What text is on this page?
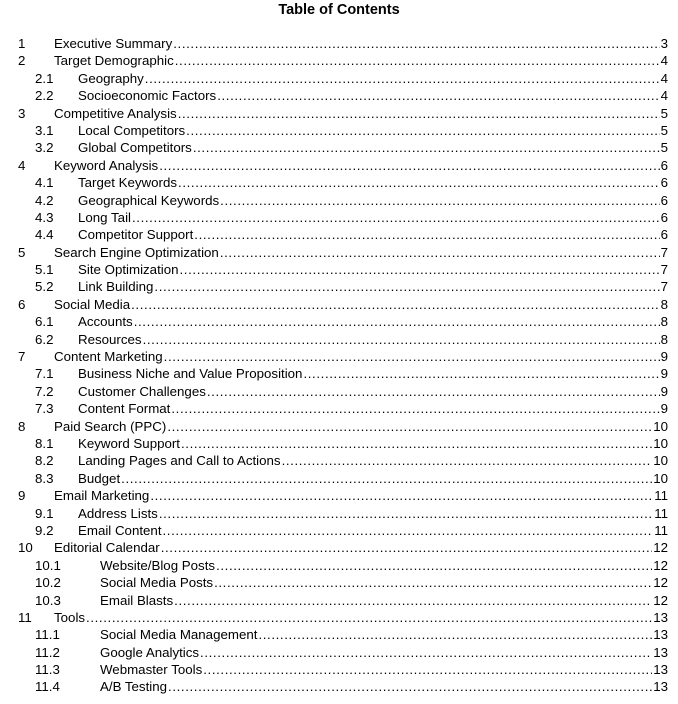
Table of Contents
1 Executive Summary .....	3
2 Target Demographic .....	4
2.1 Geography .....	4
2.2 Socioeconomic Factors .....	4
3 Competitive Analysis .....	5
3.1 Local Competitors .....	5
3.2 Global Competitors .....	5
4 Keyword Analysis .....	6
4.1 Target Keywords .....	6
4.2 Geographical Keywords .....	6
4.3 Long Tail .....	6
4.4 Competitor Support .....	6
5 Search Engine Optimization .....	7
5.1 Site Optimization .....	7
5.2 Link Building .....	7
6 Social Media .....	8
6.1 Accounts .....	8
6.2 Resources .....	8
7 Content Marketing .....	9
7.1 Business Niche and Value Proposition .....	9
7.2 Customer Challenges .....	9
7.3 Content Format .....	9
8 Paid Search (PPC) .....	10
8.1 Keyword Support .....	10
8.2 Landing Pages and Call to Actions .....	10
8.3 Budget .....	10
9 Email Marketing .....	11
9.1 Address Lists .....	11
9.2 Email Content .....	11
10 Editorial Calendar .....	12
10.1	Website/Blog Posts .....	12
10.2	Social Media Posts .....	12
10.3	Email Blasts .....	12
11 Tools .....	13
11.1	Social Media Management .....	13
11.2	Google Analytics .....	13
11.3	Webmaster Tools .....	13
11.4	A/B Testing .....	13
